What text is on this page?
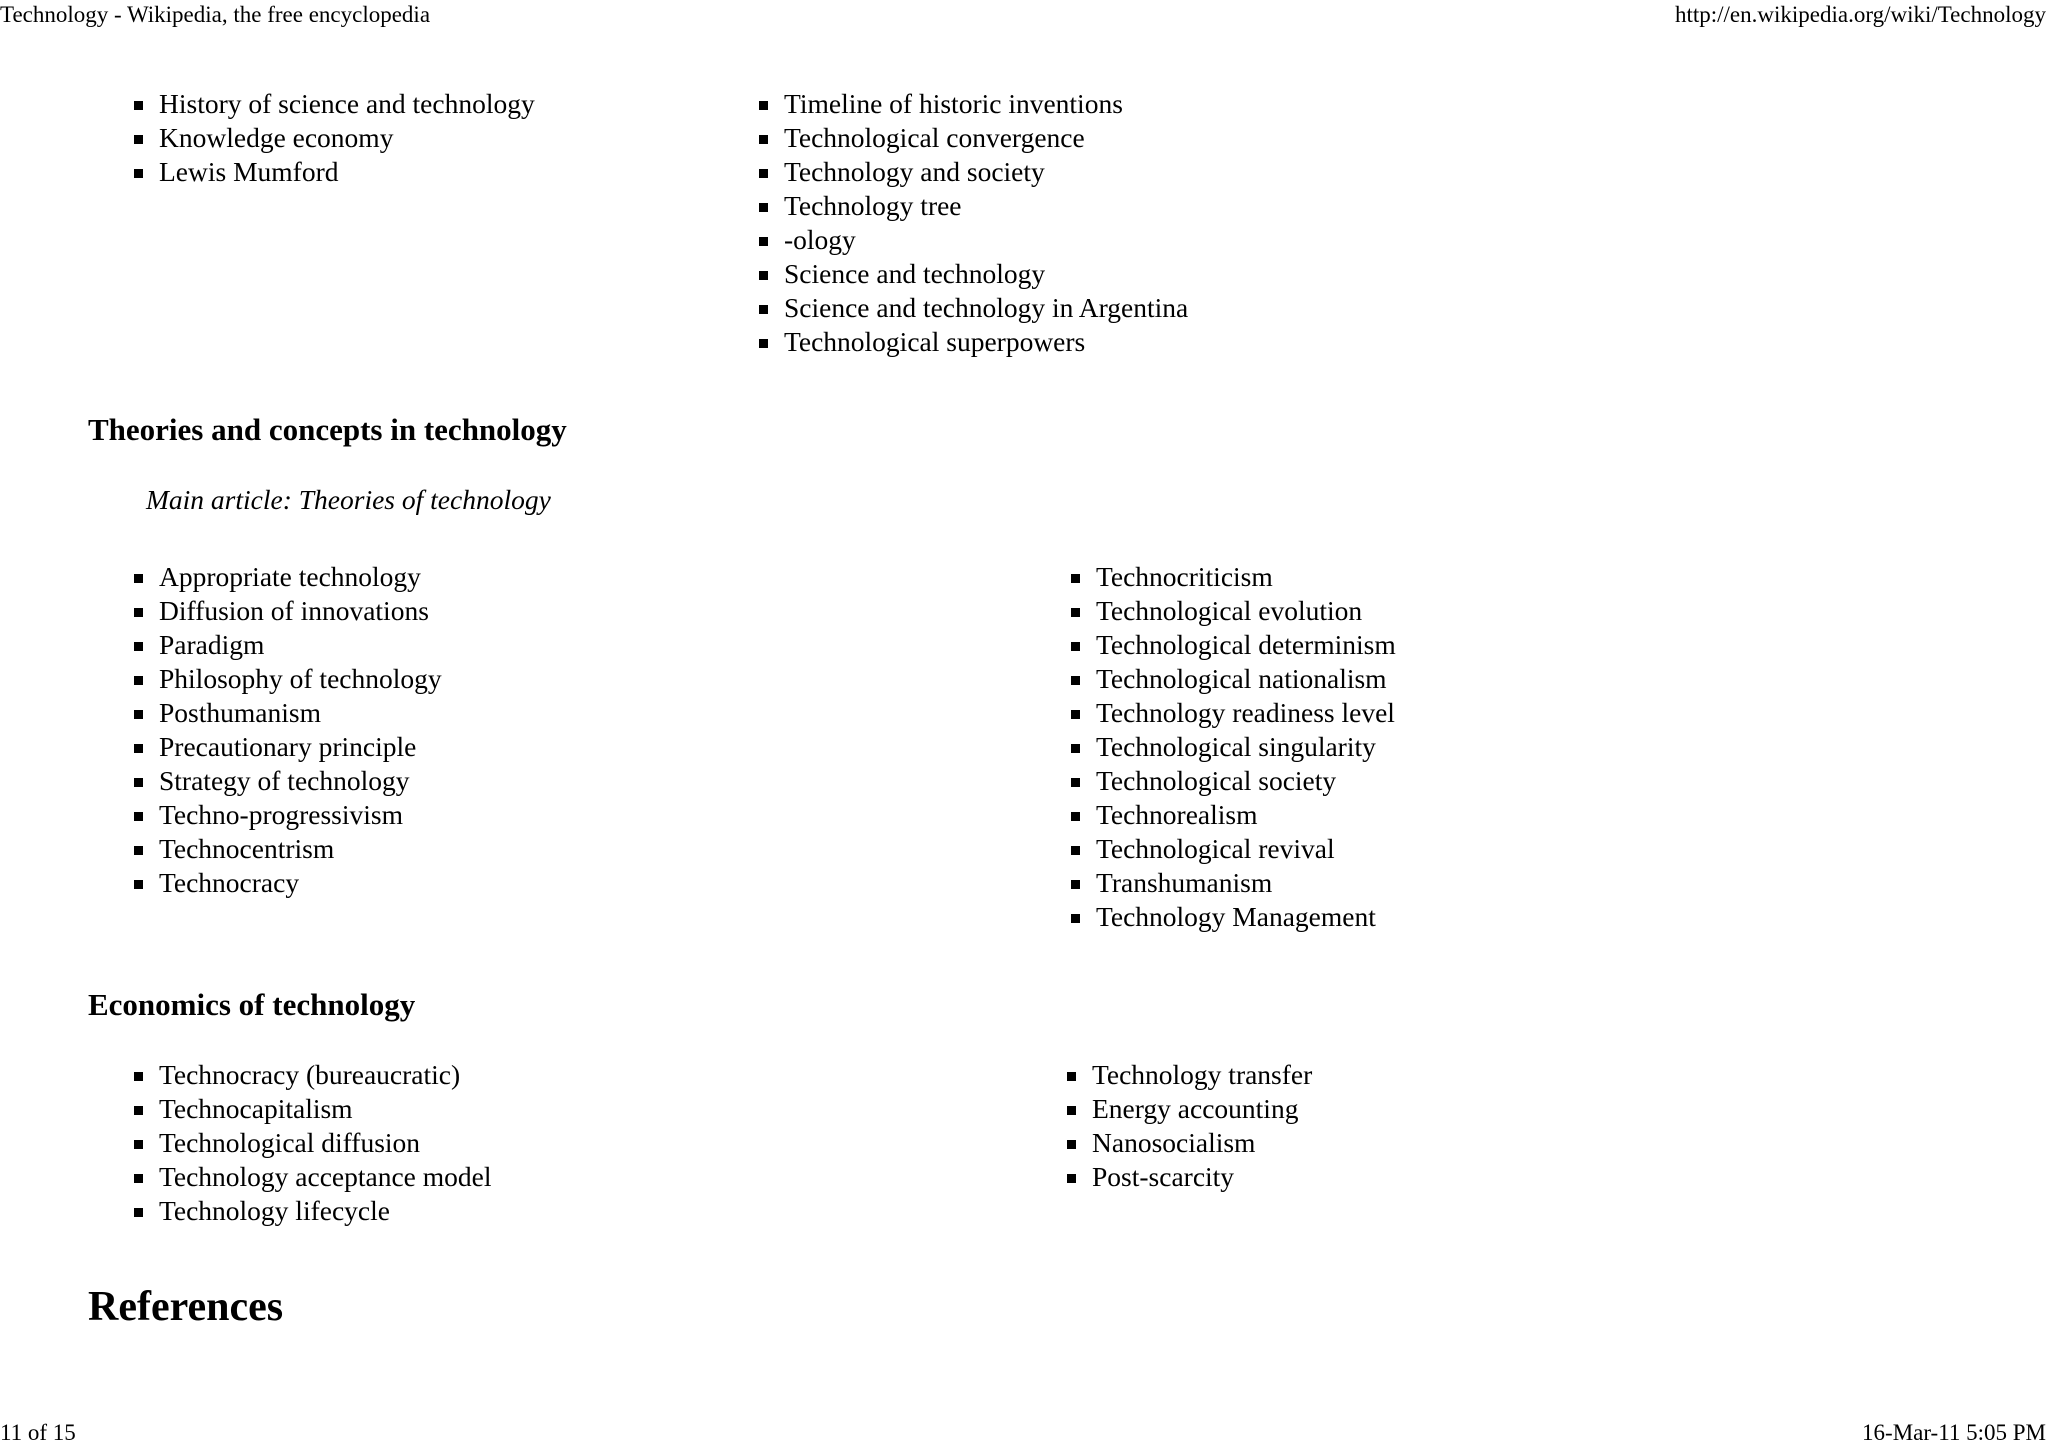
Technology - Wikipedia, the free encyclopedia	http://en.wikipedia.org/wiki/Technology
History of science and technology
Knowledge economy
Lewis Mumford
Timeline of historic inventions
Technological convergence
Technology and society
Technology tree
-ology
Science and technology
Science and technology in Argentina
Technological superpowers
Theories and concepts in technology
Main article: Theories of technology
Appropriate technology
Diffusion of innovations
Paradigm
Philosophy of technology
Posthumanism
Precautionary principle
Strategy of technology
Techno-progressivism
Technocentrism
Technocracy
Technocriticism
Technological evolution
Technological determinism
Technological nationalism
Technology readiness level
Technological singularity
Technological society
Technorealism
Technological revival
Transhumanism
Technology Management
Economics of technology
Technocracy (bureaucratic)
Technocapitalism
Technological diffusion
Technology acceptance model
Technology lifecycle
Technology transfer
Energy accounting
Nanosocialism
Post-scarcity
References
11 of 15	16-Mar-11 5:05 PM
